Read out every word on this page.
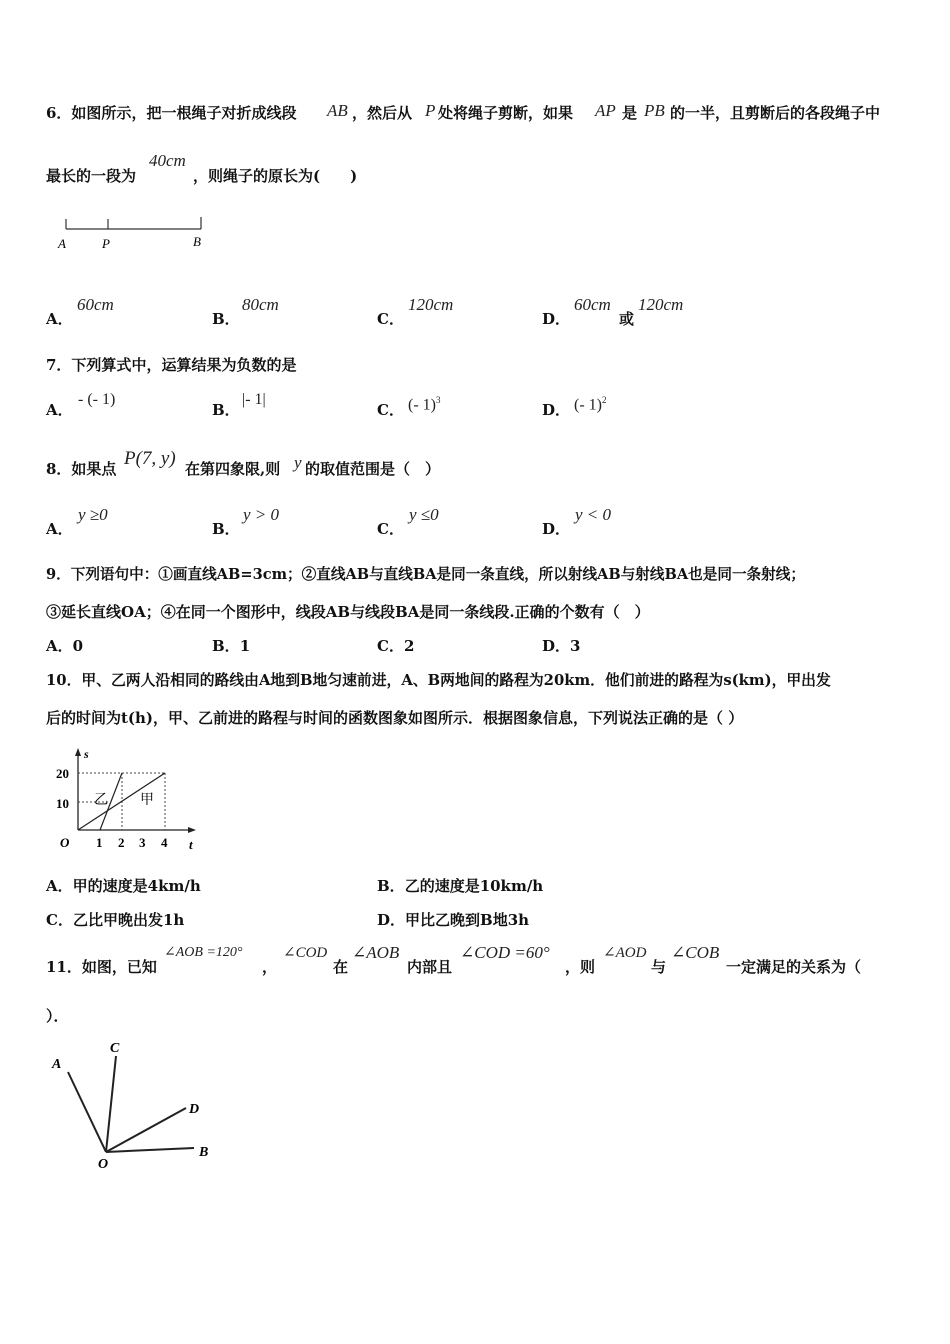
6．如图所示，把一根绳子对折成线段 AB ，然后从 P 处将绳子剪断，如果 AP 是 PB 的一半，且剪断后的各段绳子中
最长的一段为
40cm
，则绳子的原长为(　　)
A	P	B
A．
60cm
B．
80cm
C．
120cm
D．
60cm
或
120cm
7．下列算式中，运算结果为负数的是
A．
- (- 1)
B．
|- 1|
C． (- 1)$^3$
D． (- 1)$^2$
8．如果点 P(7, y) 在第四象限,则 y 的取值范围是（　）
A．
y ≥0
B．
y > 0
C．
y ≤0
D．
y < 0
9．下列语句中：①画直线AB=3cm；②直线AB与直线BA是同一条直线，所以射线AB与射线BA也是同一条射线；
③延长直线OA；④在同一个图形中，线段AB与线段BA是同一条线段.正确的个数有（　）
A．0	B．1	C．2	D．3
10．甲、乙两人沿相同的路线由A地到B地匀速前进，A、B两地间的路程为20km．他们前进的路程为s(km)，甲出发
后的时间为t(h)，甲、乙前进的路程与时间的函数图象如图所示．根据图象信息，下列说法正确的是（ ）
s
t
20
10
O 1 2 3 4
乙 甲
A．甲的速度是4km/h	B．乙的速度是10km/h
C．乙比甲晚出发1h	D．甲比乙晚到B地3h
11．如图，已知
∠AOB =120°
，
∠COD
在
∠AOB
内部且
∠COD =60°
，则
∠AOD
与
∠COB
一定满足的关系为（
）．
A
C
D
B
O
